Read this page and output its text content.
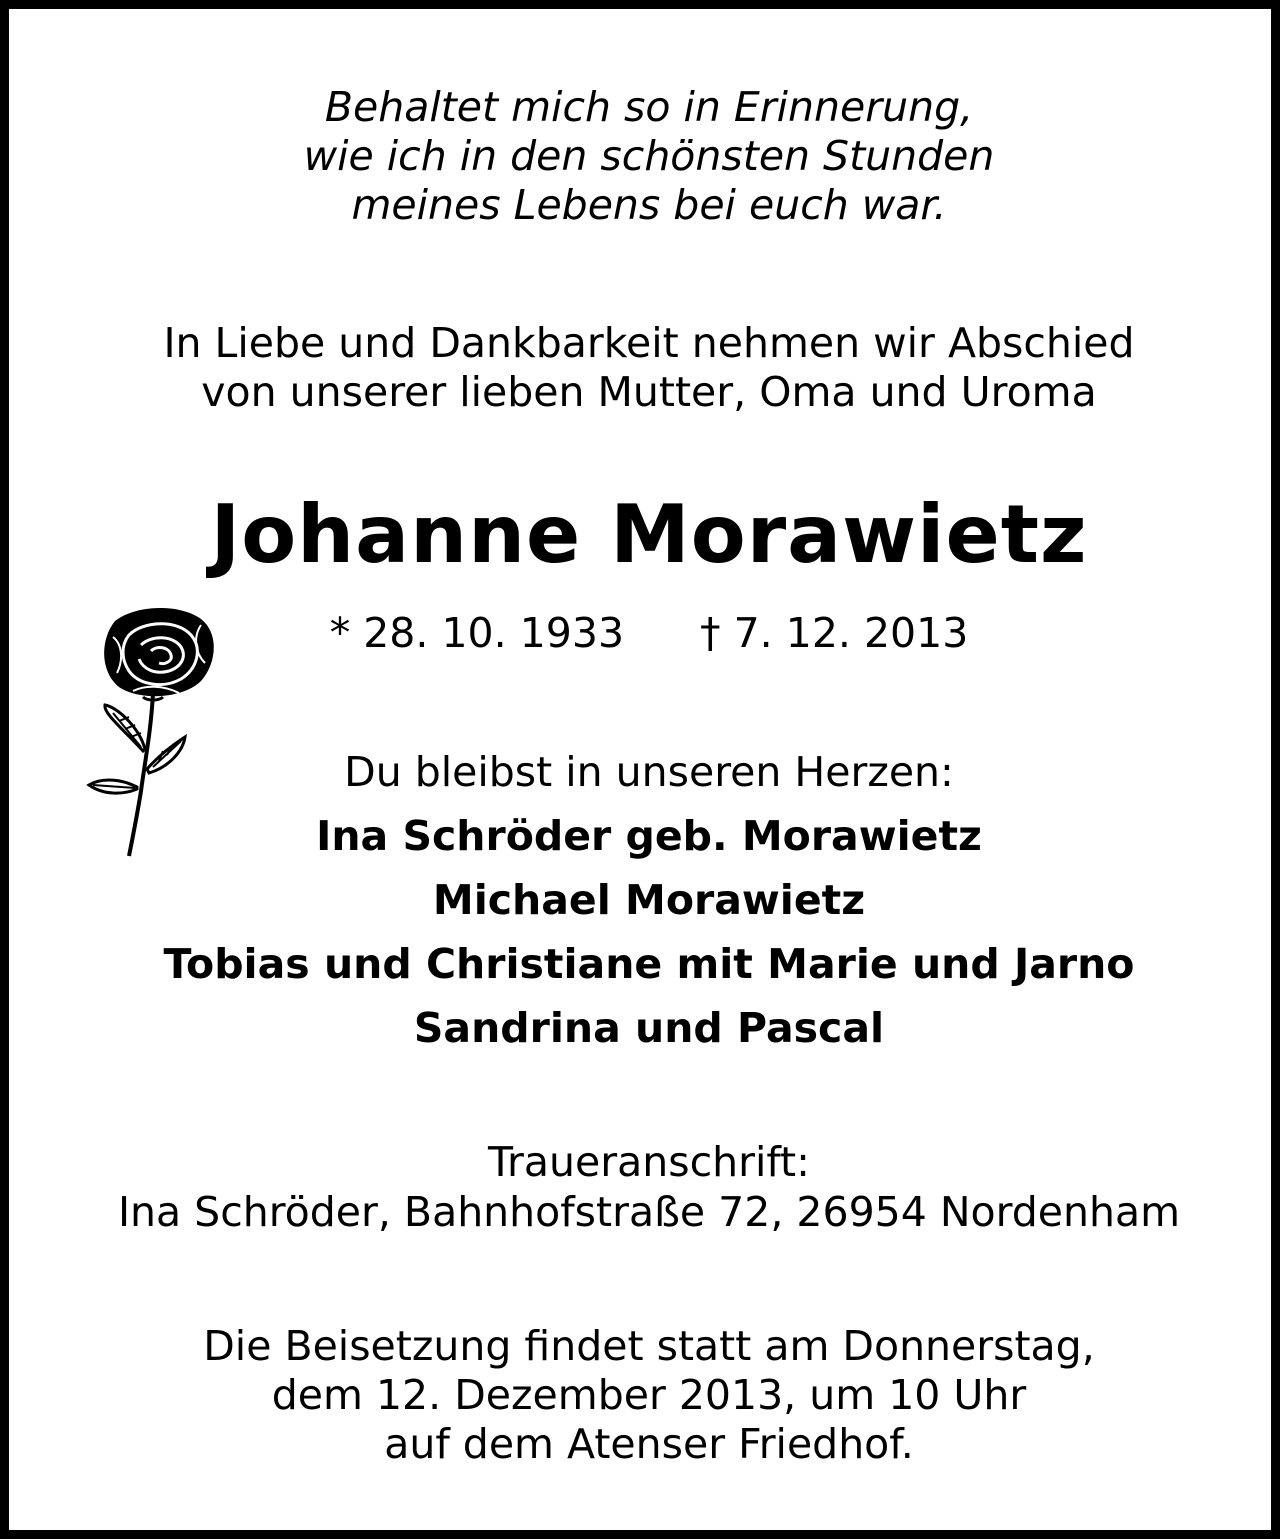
Behaltet mich so in Erinnerung,
wie ich in den schönsten Stunden
meines Lebens bei euch war.
In Liebe und Dankbarkeit nehmen wir Abschied
von unserer lieben Mutter, Oma und Uroma
Johanne Morawietz
* 28. 10. 1933 † 7. 12. 2013
Du bleibst in unseren Herzen:
Ina Schröder geb. Morawietz
Michael Morawietz
Tobias und Christiane mit Marie und Jarno
Sandrina und Pascal
Traueranschrift:
Ina Schröder, Bahnhofstraße 72, 26954 Nordenham
Die Beisetzung findet statt am Donnerstag,
dem 12. Dezember 2013, um 10 Uhr
auf dem Atenser Friedhof.
